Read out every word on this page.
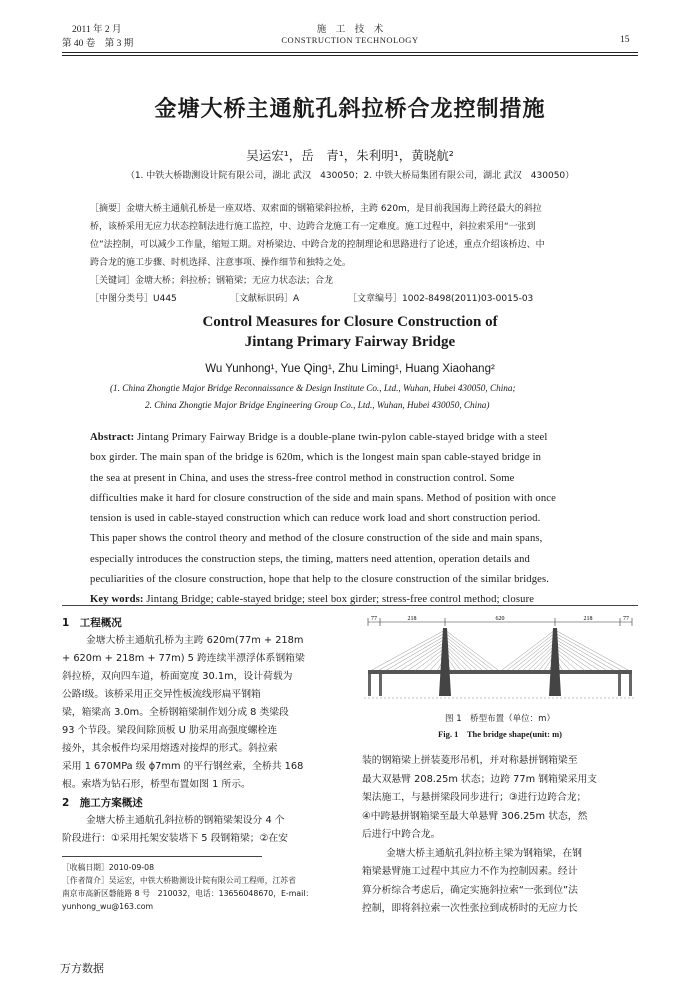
2011 年 2 月
第 40 卷　第 3 期
施　工　技　术
CONSTRUCTION TECHNOLOGY	15
金塘大桥主通航孔斜拉桥合龙控制措施
吴运宏¹，岳　青¹，朱利明¹，黄晓航²
（1. 中铁大桥勘测设计院有限公司，湖北 武汉　430050；2. 中铁大桥局集团有限公司，湖北 武汉　430050）
［摘要］金塘大桥主通航孔桥是一座双塔、双索面的钢箱梁斜拉桥，主跨 620m，是目前我国海上跨径最大的斜拉
桥，该桥采用无应力状态控制法进行施工监控，中、边跨合龙施工有一定难度。施工过程中，斜拉索采用“一张到
位”法控制，可以减少工作量，缩短工期。对桥梁边、中跨合龙的控制理论和思路进行了论述，重点介绍该桥边、中
跨合龙的施工步骤、时机选择、注意事项、操作细节和独特之处。
［关键词］金塘大桥；斜拉桥；钢箱梁；无应力状态法；合龙
［中图分类号］U445	［文献标识码］A	［文章编号］1002-8498(2011)03-0015-03
Control Measures for Closure Construction of
Jintang Primary Fairway Bridge
Wu Yunhong¹, Yue Qing¹, Zhu Liming¹, Huang Xiaohang²
(1. China Zhongtie Major Bridge Reconnaissance & Design Institute Co., Ltd., Wuhan, Hubei 430050, China;
2. China Zhongtie Major Bridge Engineering Group Co., Ltd., Wuhan, Hubei 430050, China)
Abstract: Jintang Primary Fairway Bridge is a double-plane twin-pylon cable-stayed bridge with a steel
box girder. The main span of the bridge is 620m, which is the longest main span cable-stayed bridge in
the sea at present in China, and uses the stress-free control method in construction control. Some
difficulties make it hard for closure construction of the side and main spans. Method of position with once
tension is used in cable-stayed construction which can reduce work load and short construction period.
This paper shows the control theory and method of the closure construction of the side and main spans,
especially introduces the construction steps, the timing, matters need attention, operation details and
peculiarities of the closure construction, hope that help to the closure construction of the similar bridges.
Key words: Jintang Bridge; cable-stayed bridge; steel box girder; stress-free control method; closure
1　工程概况
金塘大桥主通航孔桥为主跨 620m(77m + 218m
+ 620m + 218m + 77m) 5 跨连续半漂浮体系钢箱梁
斜拉桥，双向四车道，桥面宽度 30.1m，设计荷载为
公路Ⅰ级。该桥采用正交异性板流线形扁平钢箱
梁，箱梁高 3.0m。全桥钢箱梁制作划分成 8 类梁段
93 个节段。梁段间除顶板 U 肋采用高强度螺栓连
接外，其余板件均采用熔透对接焊的形式。斜拉索
采用 1 670MPa 级 ϕ7mm 的平行钢丝索，全桥共 168
根。索塔为钻石形，桥型布置如图 1 所示。
2　施工方案概述
金塘大桥主通航孔斜拉桥的钢箱梁架设分 4 个
阶段进行：①采用托架安装塔下 5 段钢箱梁；②在安
［收稿日期］2010-09-08
［作者简介］吴运宏，中铁大桥勘测设计院有限公司工程师，江苏省
南京市高新区磐能路 8 号　210032，电话：13656048670，E-mail：
yunhong_wu@163.com
77	218	620	218	77
图 1　桥型布置（单位：m）
Fig. 1　The bridge shape(unit: m)
装的钢箱梁上拼装菱形吊机，并对称悬拼钢箱梁至
最大双悬臂 208.25m 状态；边跨 77m 钢箱梁采用支
架法施工，与悬拼梁段同步进行；③进行边跨合龙；
④中跨悬拼钢箱梁至最大单悬臂 306.25m 状态，然
后进行中跨合龙。
金塘大桥主通航孔斜拉桥主梁为钢箱梁，在钢
箱梁悬臂施工过程中其应力不作为控制因素。经计
算分析综合考虑后，确定实施斜拉索“一张到位”法
控制，即将斜拉索一次性张拉到成桥时的无应力长
万方数据
